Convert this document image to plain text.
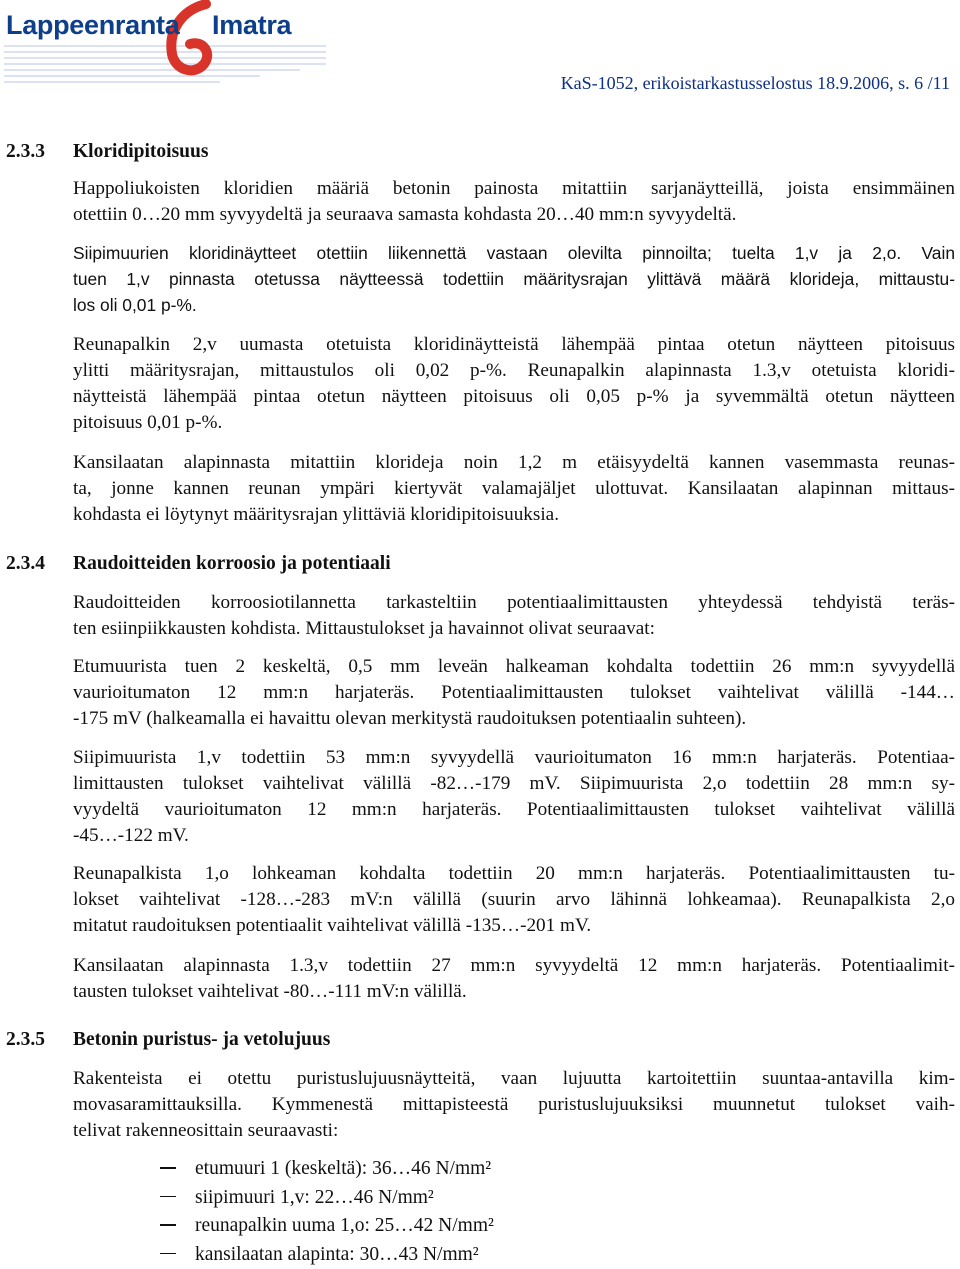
Lappeenranta Imatra
KaS-1052, erikoistarkastusselostus 18.9.2006, s. 6 /11
2.3.3 Kloridipitoisuus
Happoliukoisten kloridien määriä betonin painosta mitattiin sarjanäytteillä, joista ensimmäinen
otettiin 0…20 mm syvyydeltä ja seuraava samasta kohdasta 20…40 mm:n syvyydeltä.
Siipimuurien kloridinäytteet otettiin liikennettä vastaan olevilta pinnoilta; tuelta 1,v ja 2,o. Vain
tuen 1,v pinnasta otetussa näytteessä todettiin määritysrajan ylittävä määrä klorideja, mittaustu-
los oli 0,01 p-%.
Reunapalkin 2,v uumasta otetuista kloridinäytteistä lähempää pintaa otetun näytteen pitoisuus
ylitti määritysrajan, mittaustulos oli 0,02 p-%. Reunapalkin alapinnasta 1.3,v otetuista kloridi-
näytteistä lähempää pintaa otetun näytteen pitoisuus oli 0,05 p-% ja syvemmältä otetun näytteen
pitoisuus 0,01 p-%.
Kansilaatan alapinnasta mitattiin klorideja noin 1,2 m etäisyydeltä kannen vasemmasta reunas-
ta, jonne kannen reunan ympäri kiertyvät valamajäljet ulottuvat. Kansilaatan alapinnan mittaus-
kohdasta ei löytynyt määritysrajan ylittäviä kloridipitoisuuksia.
2.3.4 Raudoitteiden korroosio ja potentiaali
Raudoitteiden korroosiotilannetta tarkasteltiin potentiaalimittausten yhteydessä tehdyistä teräs-
ten esiinpiikkausten kohdista. Mittaustulokset ja havainnot olivat seuraavat:
Etumuurista tuen 2 keskeltä, 0,5 mm leveän halkeaman kohdalta todettiin 26 mm:n syvyydellä
vaurioitumaton 12 mm:n harjateräs. Potentiaalimittausten tulokset vaihtelivat välillä -144…
-175 mV (halkeamalla ei havaittu olevan merkitystä raudoituksen potentiaalin suhteen).
Siipimuurista 1,v todettiin 53 mm:n syvyydellä vaurioitumaton 16 mm:n harjateräs. Potentiaa-
limittausten tulokset vaihtelivat välillä -82…-179 mV. Siipimuurista 2,o todettiin 28 mm:n sy-
vyydeltä vaurioitumaton 12 mm:n harjateräs. Potentiaalimittausten tulokset vaihtelivat välillä
-45…-122 mV.
Reunapalkista 1,o lohkeaman kohdalta todettiin 20 mm:n harjateräs. Potentiaalimittausten tu-
lokset vaihtelivat -128…-283 mV:n välillä (suurin arvo lähinnä lohkeamaa). Reunapalkista 2,o
mitatut raudoituksen potentiaalit vaihtelivat välillä -135…-201 mV.
Kansilaatan alapinnasta 1.3,v todettiin 27 mm:n syvyydeltä 12 mm:n harjateräs. Potentiaalimit-
tausten tulokset vaihtelivat -80…-111 mV:n välillä.
2.3.5 Betonin puristus- ja vetolujuus
Rakenteista ei otettu puristuslujuusnäytteitä, vaan lujuutta kartoitettiin suuntaa-antavilla kim-
movasaramittauksilla. Kymmenestä mittapisteestä puristuslujuuksiksi muunnetut tulokset vaih-
telivat rakenneosittain seuraavasti:
etumuuri 1 (keskeltä): 36…46 N/mm²
siipimuuri 1,v: 22…46 N/mm²
reunapalkin uuma 1,o: 25…42 N/mm²
kansilaatan alapinta: 30…43 N/mm²
